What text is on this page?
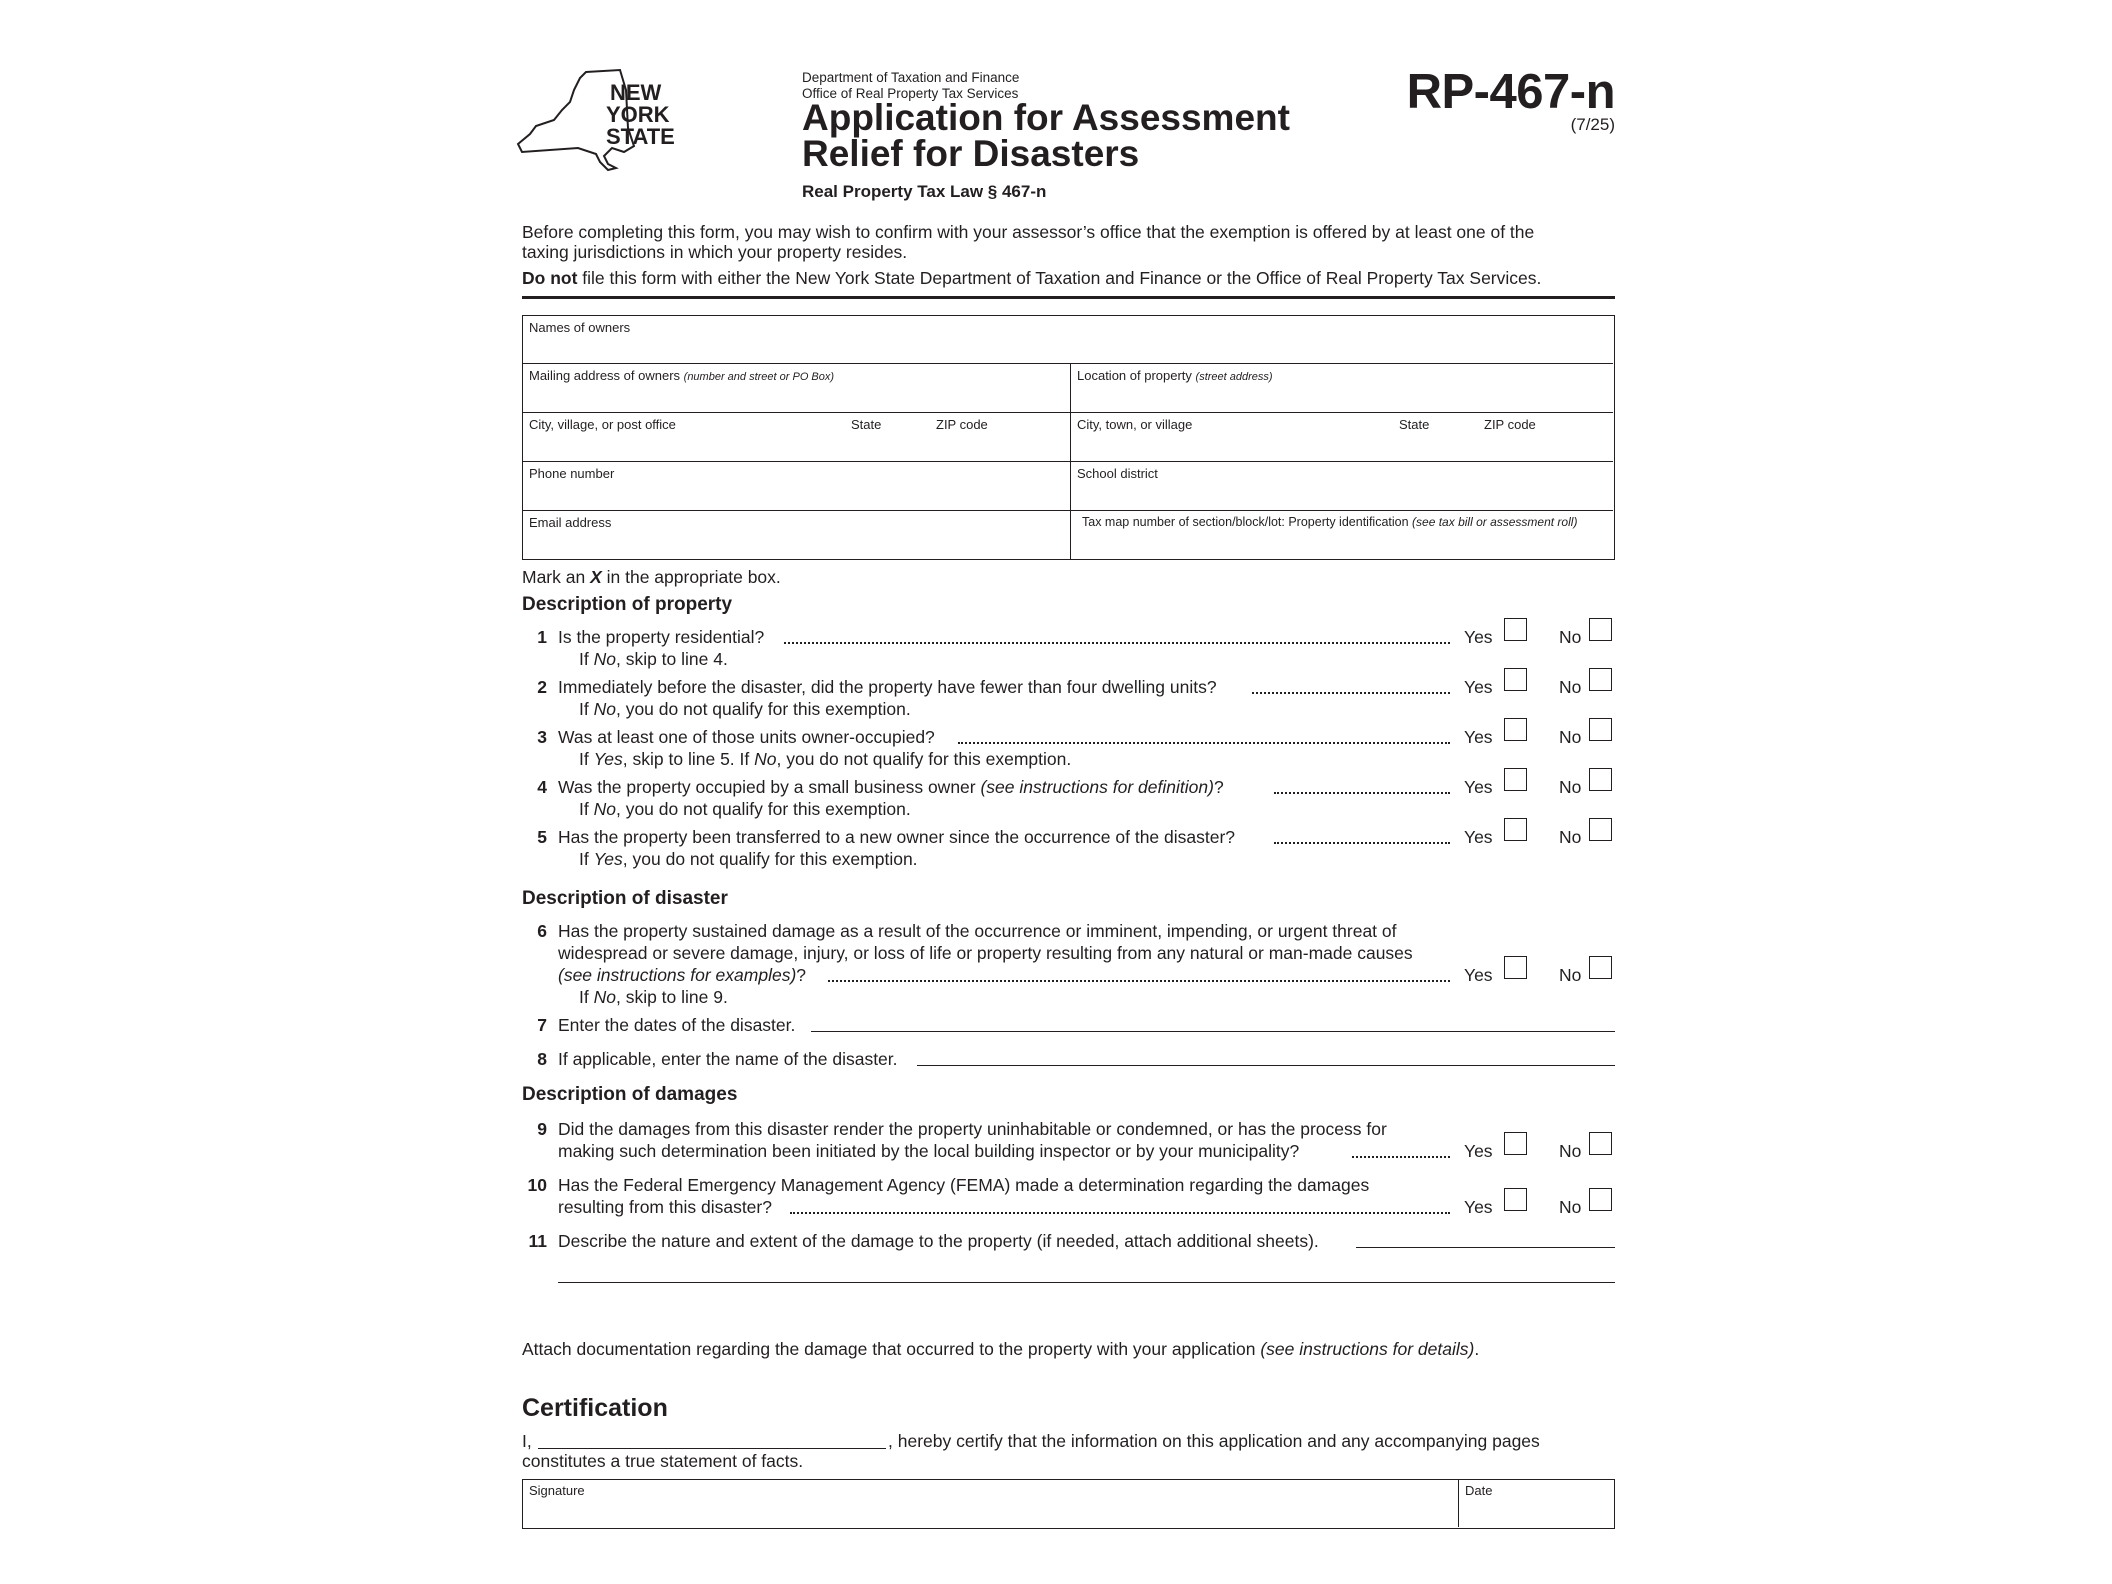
NEW
YORK
STATE
Department of Taxation and Finance
Office of Real Property Tax Services
Application for Assessment
Relief for Disasters
Real Property Tax Law § 467-n
RP-467-n
(7/25)
Before completing this form, you may wish to confirm with your assessor’s office that the exemption is offered by at least one of the
taxing jurisdictions in which your property resides.
Do not file this form with either the New York State Department of Taxation and Finance or the Office of Real Property Tax Services.
Names of owners
Mailing address of owners (number and street or PO Box)	Location of property (street address)
City, village, or post office	State	ZIP code	City, town, or village	State	ZIP code
Phone number	School district
Email address	Tax map number of section/block/lot: Property identification (see tax bill or assessment roll)
Mark an X in the appropriate box.
Description of property
1 Is the property residential?
If No, skip to line 4.
Yes	No
2 Immediately before the disaster, did the property have fewer than four dwelling units?
If No, you do not qualify for this exemption.
Yes	No
3 Was at least one of those units owner-occupied?
If Yes, skip to line 5. If No, you do not qualify for this exemption.
Yes	No
4 Was the property occupied by a small business owner (see instructions for definition)?
If No, you do not qualify for this exemption.
Yes	No
5 Has the property been transferred to a new owner since the occurrence of the disaster?
If Yes, you do not qualify for this exemption.
Yes	No
Description of disaster
6 Has the property sustained damage as a result of the occurrence or imminent, impending, or urgent threat of
widespread or severe damage, injury, or loss of life or property resulting from any natural or man-made causes
(see instructions for examples)?
If No, skip to line 9.
Yes	No
7 Enter the dates of the disaster.
8 If applicable, enter the name of the disaster.
Description of damages
9 Did the damages from this disaster render the property uninhabitable or condemned, or has the process for
making such determination been initiated by the local building inspector or by your municipality?	Yes	No
10 Has the Federal Emergency Management Agency (FEMA) made a determination regarding the damages
resulting from this disaster?	Yes	No
11 Describe the nature and extent of the damage to the property (if needed, attach additional sheets).
Attach documentation regarding the damage that occurred to the property with your application (see instructions for details).
Certification
I,	, hereby certify that the information on this application and any accompanying pages
constitutes a true statement of facts.
Signature	Date
